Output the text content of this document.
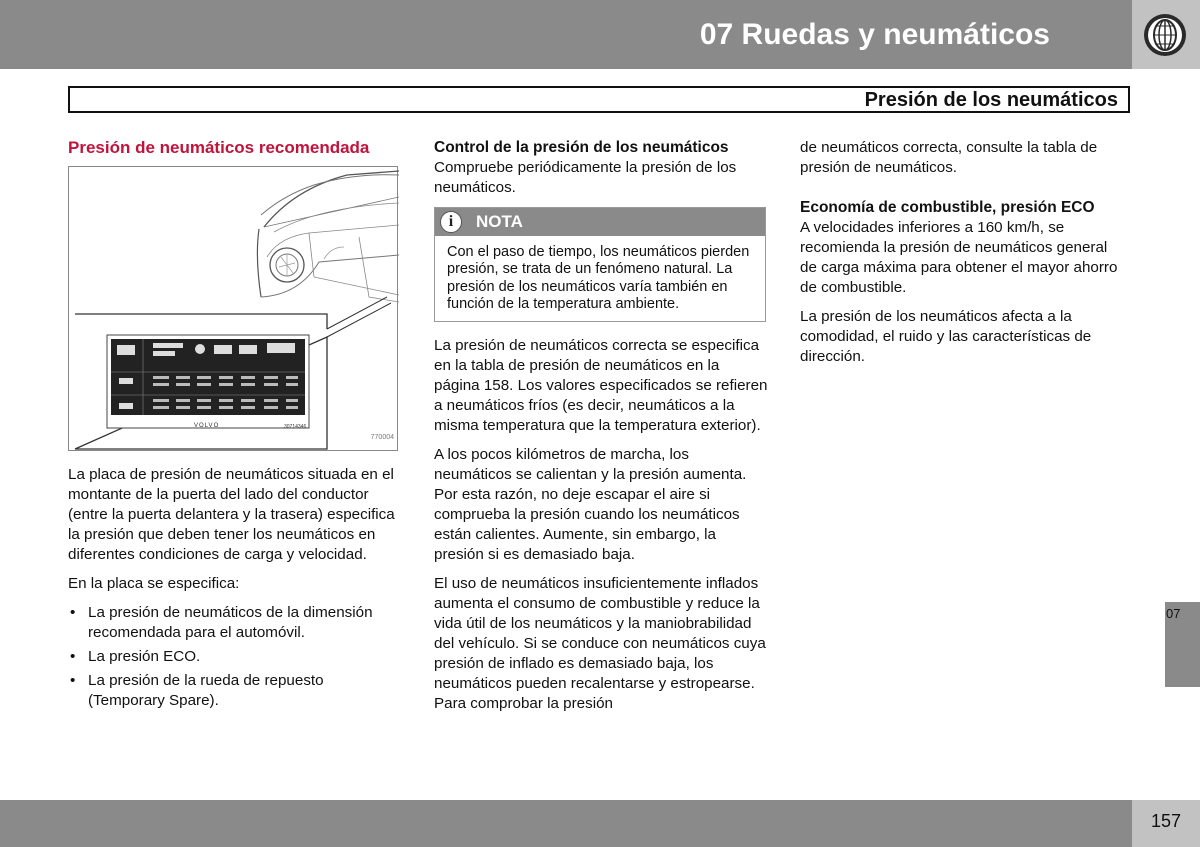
07 Ruedas y neumáticos
Presión de los neumáticos
Presión de neumáticos recomendada
VOLVO	30714346
770004

La placa de presión de neumáticos situada en el montante de la puerta del lado del conductor (entre la puerta delantera y la trasera) especifica la presión que deben tener los neumáticos en diferentes condiciones de carga y velocidad.

En la placa se especifica:

• La presión de neumáticos de la dimensión recomendada para el automóvil.
• La presión ECO.
• La presión de la rueda de repuesto (Temporary Spare).
Control de la presión de los neumáticos

Compruebe periódicamente la presión de los neumáticos.

i	NOTA
Con el paso de tiempo, los neumáticos pierden presión, se trata de un fenómeno natural. La presión de los neumáticos varía también en función de la temperatura ambiente.

La presión de neumáticos correcta se especifica en la tabla de presión de neumáticos en la página 158. Los valores especificados se refieren a neumáticos fríos (es decir, neumáticos a la misma temperatura que la temperatura exterior).

A los pocos kilómetros de marcha, los neumáticos se calientan y la presión aumenta. Por esta razón, no deje escapar el aire si comprueba la presión cuando los neumáticos están calientes. Aumente, sin embargo, la presión si es demasiado baja.

El uso de neumáticos insuficientemente inflados aumenta el consumo de combustible y reduce la vida útil de los neumáticos y la maniobrabilidad del vehículo. Si se conduce con neumáticos cuya presión de inflado es demasiado baja, los neumáticos pueden recalentarse y estropearse. Para comprobar la presión

de neumáticos correcta, consulte la tabla de presión de neumáticos.

Economía de combustible, presión ECO

A velocidades inferiores a 160 km/h, se recomienda la presión de neumáticos general de carga máxima para obtener el mayor ahorro de combustible.

La presión de los neumáticos afecta a la comodidad, el ruido y las características de dirección.

07
157
